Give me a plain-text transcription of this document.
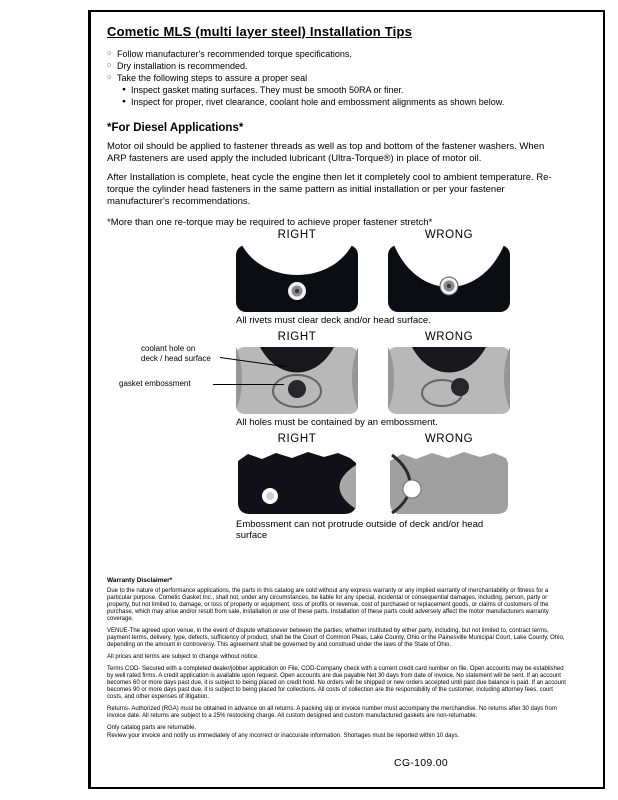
Cometic MLS (multi layer steel) Installation Tips
○ Follow manufacturer's recommended torque specifications.
○ Dry installation is recommended.
○ Take the following steps to assure a proper seal
● Inspect gasket mating surfaces. They must be smooth 50RA or finer.
● Inspect for proper, rivet clearance, coolant hole and embossment alignments as shown below.
*For Diesel Applications*

Motor oil should be applied to fastener threads as well as top and bottom of the fastener washers. When ARP fasteners are used apply the included lubricant (Ultra-Torque®) in place of motor oil.

After Installation is complete, heat cycle the engine then let it completely cool to ambient temperature. Re-torque the cylinder head fasteners in the same pattern as initial installation or per your fastener manufacturer's recommendations.

*More than one re-torque may be required to achieve proper fastener stretch*

RIGHT	WRONG
All rivets must clear deck and/or head surface.
coolant hole on
deck / head surface
gasket embossment
RIGHT	WRONG
All holes must be contained by an embossment.
RIGHT	WRONG
Embossment can not protrude outside of deck and/or head surface
Warranty Disclaimer*

Due to the nature of performance applications, the parts in this catalog are sold without any express warranty or any implied warranty of merchantability or fitness for a particular purpose. Cometic Gasket Inc., shall not, under any circumstances, be liable for any special, incidental or consequential damages, including, person, party or property, but not limited to, damage, or loss of property or equipment, loss of profits or revenue, cost of purchased or replacement goods, or claims of customers of the purchase, which may arise and/or result from sale, installation or use of these parts. Installation of these parts could adversely affect the motor manufacturers warranty coverage.

VENUE-The agreed upon venue, in the event of dispute whatsoever between the parties, whether instituted by either party, including, but not limited to, contract terms, payment terms, delivery, type, defects, sufficiency of product, shall be the Court of Common Pleas, Lake County, Ohio or the Painesville Municipal Court, Lake County, Ohio, depending on the amount in controversy. This agreement shall be governed by and construed under the laws of the State of Ohio.

All prices and terms are subject to change without notice.

Terms COD- Secured with a completed dealer/jobber application on File, COD-Company check with a current credit card number on file. Open accounts may be established by well rated firms. A credit application is available upon request. Open accounts are due payable Net 30 days from date of invoice. No statement will be sent. If an account becomes 60 or more days past due, it is subject to being placed on credit hold. No orders will be shipped or new orders accepted until past due balance is paid. If an account becomes 90 or more days past due, it is subject to being placed for collections. All costs of collection are the responsibility of the customer, including attorney fees, court costs, and other expenses of litigation.

Returns- Authorized (RGA) must be obtained in advance on all returns. A packing slip or invoice number must accompany the merchandise. No returns after 30 days from invoice date. All returns are subject to a 25% restocking charge. All custom designed and custom manufactured gaskets are non-returnable.

Only catalog parts are returnable.

Review your invoice and notify us immediately of any incorrect or inaccurate information. Shortages must be reported within 10 days.

CG-109.00
